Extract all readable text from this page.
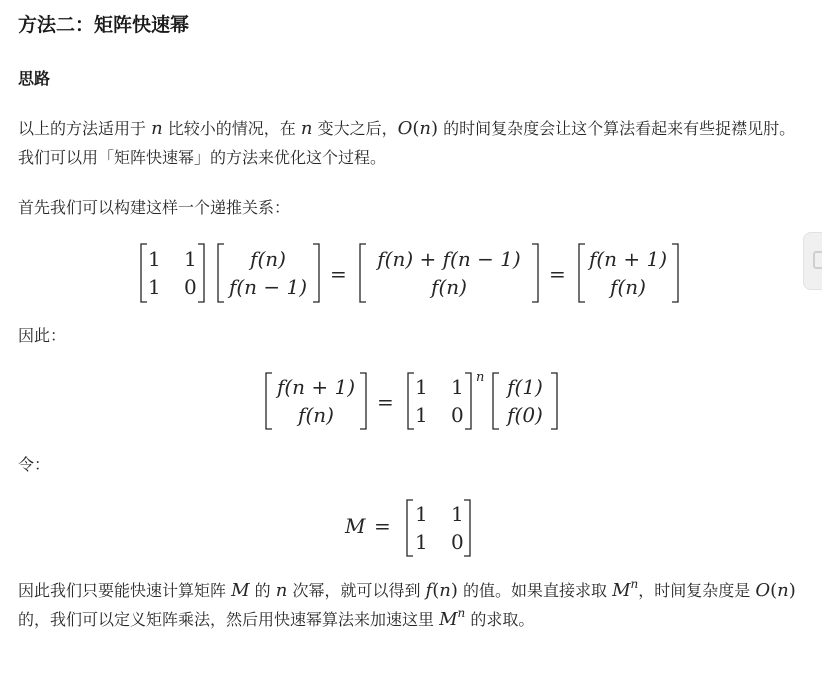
方法二：矩阵快速幂
思路

以上的方法适用于 n 比较小的情况，在 n 变大之后，O(n) 的时间复杂度会让这个算法看起来有些捉襟见肘。我们可以用「矩阵快速幂」的方法来优化这个过程。

首先我们可以构建这样一个递推关系：

1 1
1 0
f(n)
f(n − 1)
=
f(n) + f(n − 1)
f(n)
=
f(n + 1)
f(n)

因此：

f(n + 1)
f(n)
=
1 1
1 0
n f(1)
f(0)

令：

M = 1 1
1 0

因此我们只要能快速计算矩阵 M 的 n 次幂，就可以得到 f(n) 的值。如果直接求取 $M^n$，时间复杂度是 O(n) 的，我们可以定义矩阵乘法，然后用快速幂算法来加速这里 $M^n$ 的求取。
